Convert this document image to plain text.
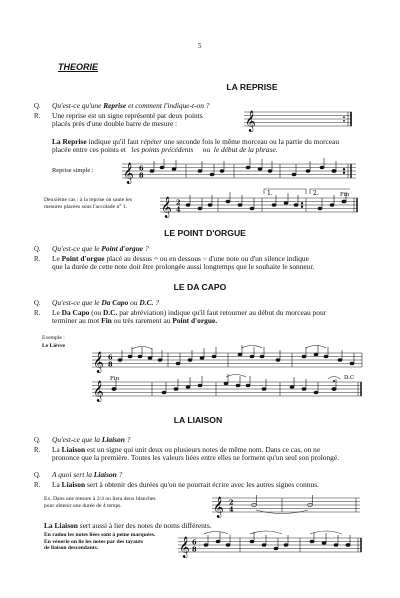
5
THEORIE
LA REPRISE
Q. Qu'est-ce qu'une Reprise et comment l'indique-t-on ?
R. Une reprise est un signe représenté par deux points
placés près d'une double barre de mesure :	𝄞
La Reprise indique qu'il faut répéter une seconde fois le même morceau ou la partie du morceau
placée entre ces points et les points précédents ou le début de la phrase.
Reprise simple : 𝄞 6
8
Deuxième cas : à la reprise on saute les
mesures placées sous l'accolade n° 1. 𝄞 2
4
1.	2.	Fin
LE POINT D'ORGUE
Q. Qu'est-ce que le Point d'orgue ?
R. Le Point d'orgue placé au dessus 𝄐 ou en dessous 𝄑 d'une note ou d'un silence indique
que la durée de cette note doit être prolongée aussi longtemps que le souhaite le sonneur.
LE DA CAPO
Q. Qu'est-ce que le Da Capo ou D.C. ?
R. Le Da Capo (ou D.C. par abréviation) indique qu'il faut retourner au début du morceau pour
terminer au mot Fin ou très rarement au Point d'orgue.
Exemple :
Le Lièvre
𝄞 6
8
𝄞
Fin	D.C
LA LIAISON
Q. Qu'est-ce que la Liaison ?
R. La Liaison est un signe qui unit deux ou plusieurs notes de même nom. Dans ce cas, on ne
prononce que la première. Toutes les valeurs liées entre elles ne forment qu'un seul son prolongé.
Q. A quoi sert la Liaison ?
R. La Liaison sert à obtenir des durées qu'on ne pourrait écrire avec les autres signes connus.
Ex. Dans une mesure à 2/4 on liera deux blanches
pour obtenir une durée de 4 temps.	𝄞 2
4
La Liaison sert aussi à lier des notes de noms différents.
En radou les notes liées sont à peine marquées.
En vénerie on lie les notes par des tayauts
de liaison descendants.	𝄞 6
8
